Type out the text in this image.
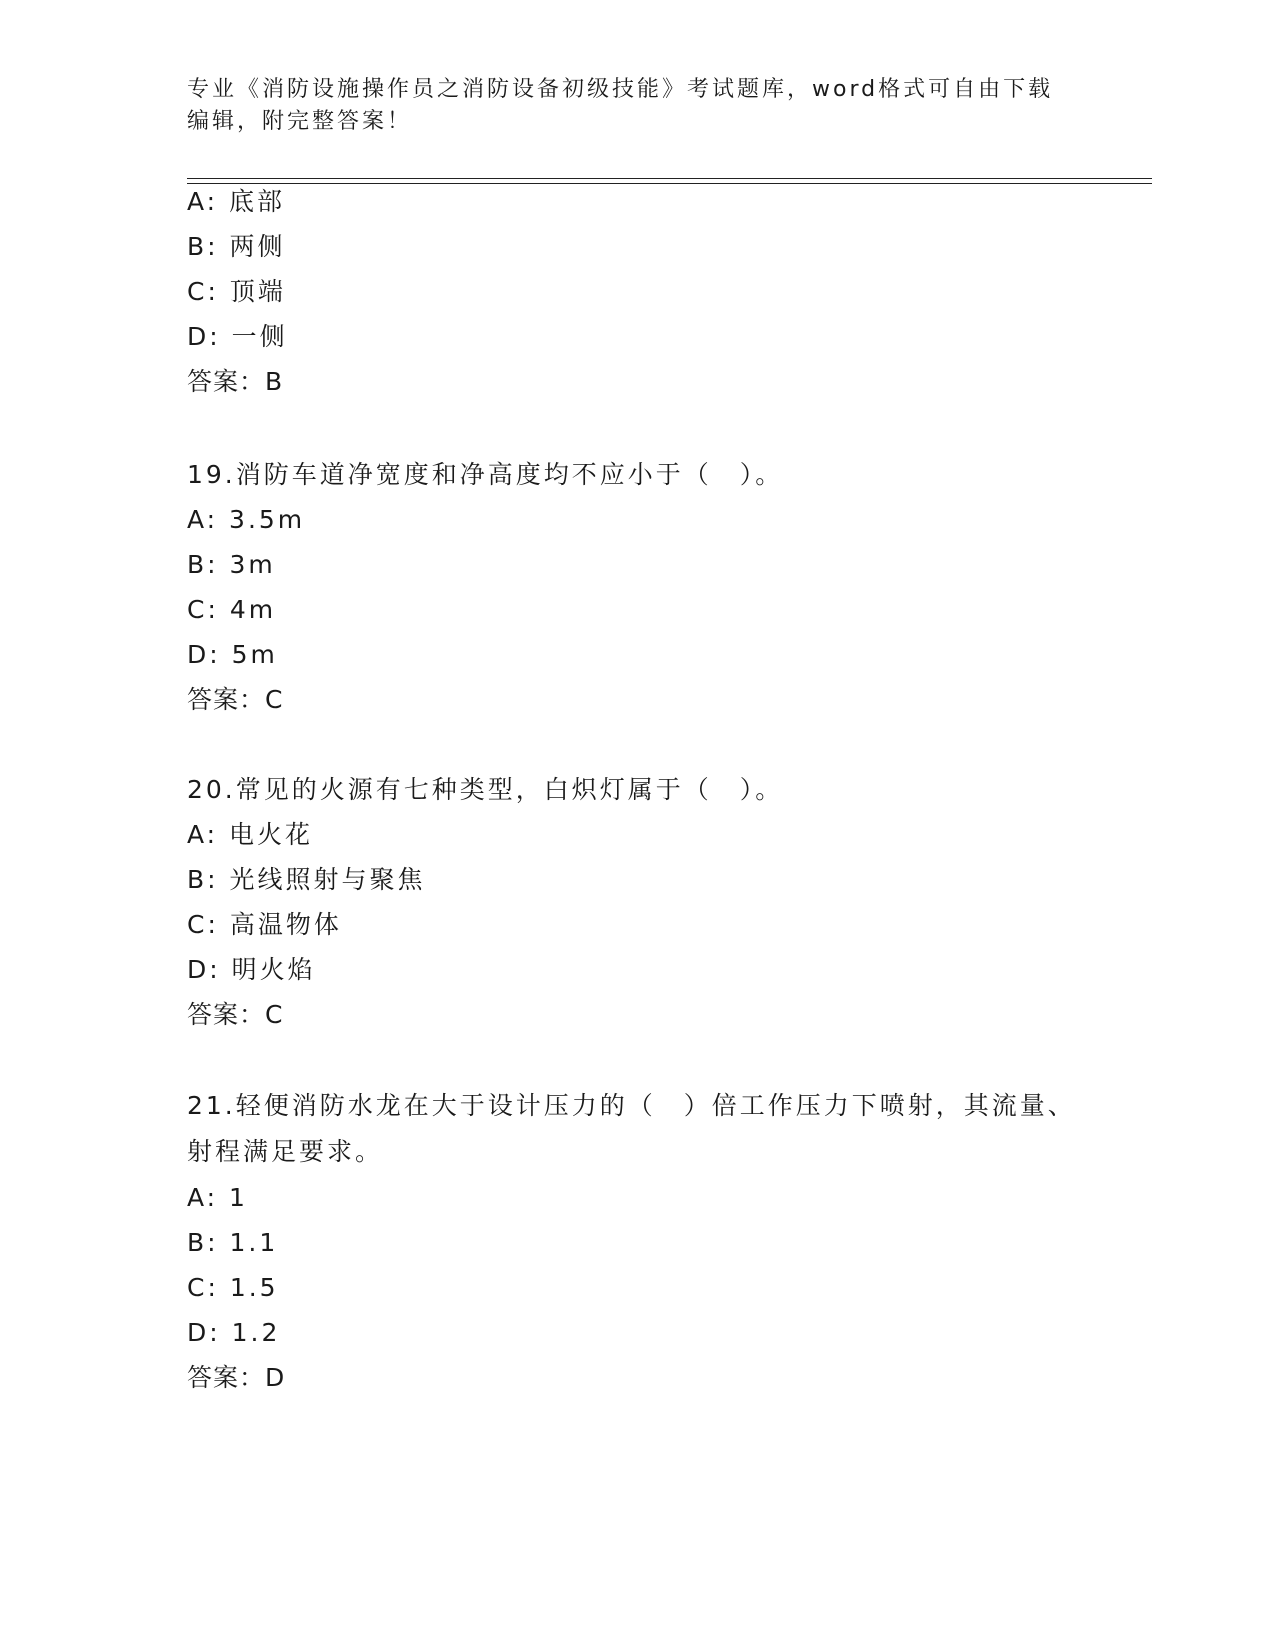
专业《消防设施操作员之消防设备初级技能》考试题库，word格式可自由下载编辑，附完整答案！
A: 底部
B: 两侧
C: 顶端
D: 一侧
答案：B
19.消防车道净宽度和净高度均不应小于（　）。
A: 3.5m
B: 3m
C: 4m
D: 5m
答案：C
20.常见的火源有七种类型，白炽灯属于（　）。
A: 电火花
B: 光线照射与聚焦
C: 高温物体
D: 明火焰
答案：C
21.轻便消防水龙在大于设计压力的（　）倍工作压力下喷射，其流量、射程满足要求。
A: 1
B: 1.1
C: 1.5
D: 1.2
答案：D
